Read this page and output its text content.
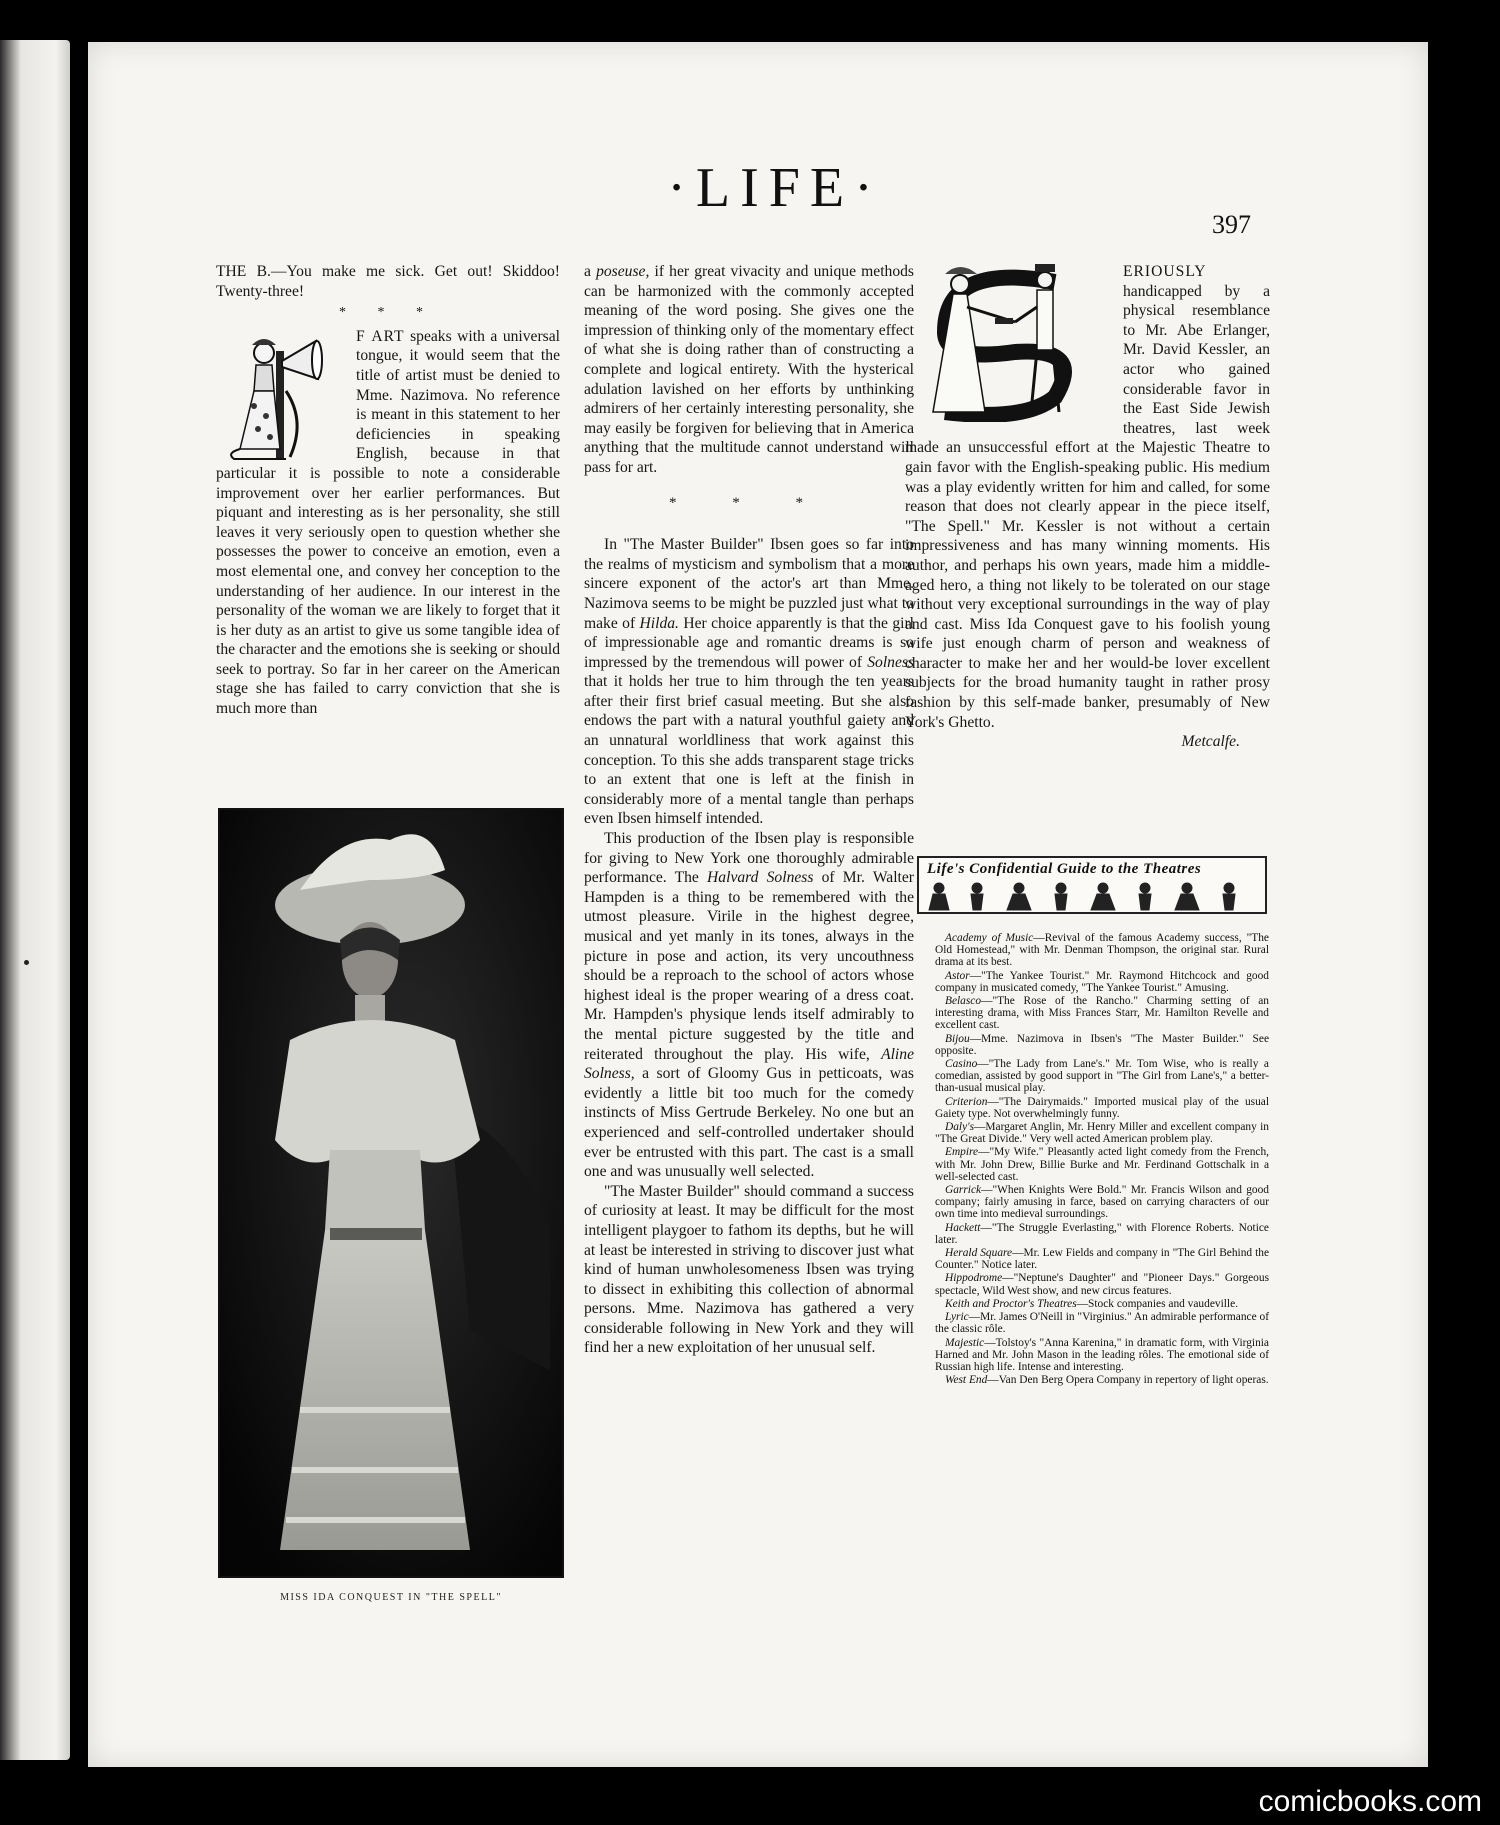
·LIFE·
397

THE B.—You make me sick. Get out! Skiddoo! Twenty-three!

* * *

F ART speaks with a universal tongue, it would seem that the title of artist must be denied to Mme. Nazimova. No reference is meant in this statement to her deficiencies in speaking English, because in that particular it is possible to note a considerable improvement over her earlier performances. But piquant and interesting as is her personality, she still leaves it very seriously open to question whether she possesses the power to conceive an emotion, even a most elemental one, and convey her conception to the understanding of her audience. In our interest in the personality of the woman we are likely to forget that it is her duty as an artist to give us some tangible idea of the character and the emotions she is seeking or should seek to portray. So far in her career on the American stage she has failed to carry conviction that she is much more than

MISS IDA CONQUEST IN "THE SPELL"

a poseuse, if her great vivacity and unique methods can be harmonized with the commonly accepted meaning of the word posing. She gives one the impression of thinking only of the momentary effect of what she is doing rather than of constructing a complete and logical entirety. With the hysterical adulation lavished on her efforts by unthinking admirers of her certainly interesting personality, she may easily be forgiven for believing that in America anything that the multitude cannot understand will pass for art.

* * *

In "The Master Builder" Ibsen goes so far into the realms of mysticism and symbolism that a more sincere exponent of the actor's art than Mme. Nazimova seems to be might be puzzled just what to make of Hilda. Her choice apparently is that the girl of impressionable age and romantic dreams is so impressed by the tremendous will power of Solness that it holds her true to him through the ten years after their first brief casual meeting. But she also endows the part with a natural youthful gaiety and an unnatural worldliness that work against this conception. To this she adds transparent stage tricks to an extent that one is left at the finish in considerably more of a mental tangle than perhaps even Ibsen himself intended.

This production of the Ibsen play is responsible for giving to New York one thoroughly admirable performance. The Halvard Solness of Mr. Walter Hampden is a thing to be remembered with the utmost pleasure. Virile in the highest degree, musical and yet manly in its tones, always in the picture in pose and action, its very uncouthness should be a reproach to the school of actors whose highest ideal is the proper wearing of a dress coat. Mr. Hampden's physique lends itself admirably to the mental picture suggested by the title and reiterated throughout the play. His wife, Aline Solness, a sort of Gloomy Gus in petticoats, was evidently a little bit too much for the comedy instincts of Miss Gertrude Berkeley. No one but an experienced and self-controlled undertaker should ever be entrusted with this part. The cast is a small one and was unusually well selected.

"The Master Builder" should command a success of curiosity at least. It may be difficult for the most intelligent playgoer to fathom its depths, but he will at least be interested in striving to discover just what kind of human unwholesomeness Ibsen was trying to dissect in exhibiting this collection of abnormal persons. Mme. Nazimova has gathered a very considerable following in New York and they will find her a new exploitation of her unusual self.

ERIOUSLY handicapped by a physical resemblance to Mr. Abe Erlanger, Mr. David Kessler, an actor who gained considerable favor in the East Side Jewish theatres, last week made an unsuccessful effort at the Majestic Theatre to gain favor with the English-speaking public. His medium was a play evidently written for him and called, for some reason that does not clearly appear in the piece itself, "The Spell." Mr. Kessler is not without a certain impressiveness and has many winning moments. His author, and perhaps his own years, made him a middle-aged hero, a thing not likely to be tolerated on our stage without very exceptional surroundings in the way of play and cast. Miss Ida Conquest gave to his foolish young wife just enough charm of person and weakness of character to make her and her would-be lover excellent subjects for the broad humanity taught in rather prosy fashion by this self-made banker, presumably of New York's Ghetto.

Metcalfe.

Life's Confidential Guide to the Theatres

Academy of Music—Revival of the famous Academy success, "The Old Homestead," with Mr. Denman Thompson, the original star. Rural drama at its best.

Astor—"The Yankee Tourist." Mr. Raymond Hitchcock and good company in musicated comedy, "The Yankee Tourist." Amusing.

Belasco—"The Rose of the Rancho." Charming setting of an interesting drama, with Miss Frances Starr, Mr. Hamilton Revelle and excellent cast.

Bijou—Mme. Nazimova in Ibsen's "The Master Builder." See opposite.

Casino—"The Lady from Lane's." Mr. Tom Wise, who is really a comedian, assisted by good support in "The Girl from Lane's," a better-than-usual musical play.

Criterion—"The Dairymaids." Imported musical play of the usual Gaiety type. Not overwhelmingly funny.

Daly's—Margaret Anglin, Mr. Henry Miller and excellent company in "The Great Divide." Very well acted American problem play.

Empire—"My Wife." Pleasantly acted light comedy from the French, with Mr. John Drew, Billie Burke and Mr. Ferdinand Gottschalk in a well-selected cast.

Garrick—"When Knights Were Bold." Mr. Francis Wilson and good company; fairly amusing in farce, based on carrying characters of our own time into medieval surroundings.

Hackett—"The Struggle Everlasting," with Florence Roberts. Notice later.

Herald Square—Mr. Lew Fields and company in "The Girl Behind the Counter." Notice later.

Hippodrome—"Neptune's Daughter" and "Pioneer Days." Gorgeous spectacle, Wild West show, and new circus features.

Keith and Proctor's Theatres—Stock companies and vaudeville.

Lyric—Mr. James O'Neill in "Virginius." An admirable performance of the classic rôle.

Majestic—Tolstoy's "Anna Karenina," in dramatic form, with Virginia Harned and Mr. John Mason in the leading rôles. The emotional side of Russian high life. Intense and interesting.

West End—Van Den Berg Opera Company in repertory of light operas.

comicbooks.com
